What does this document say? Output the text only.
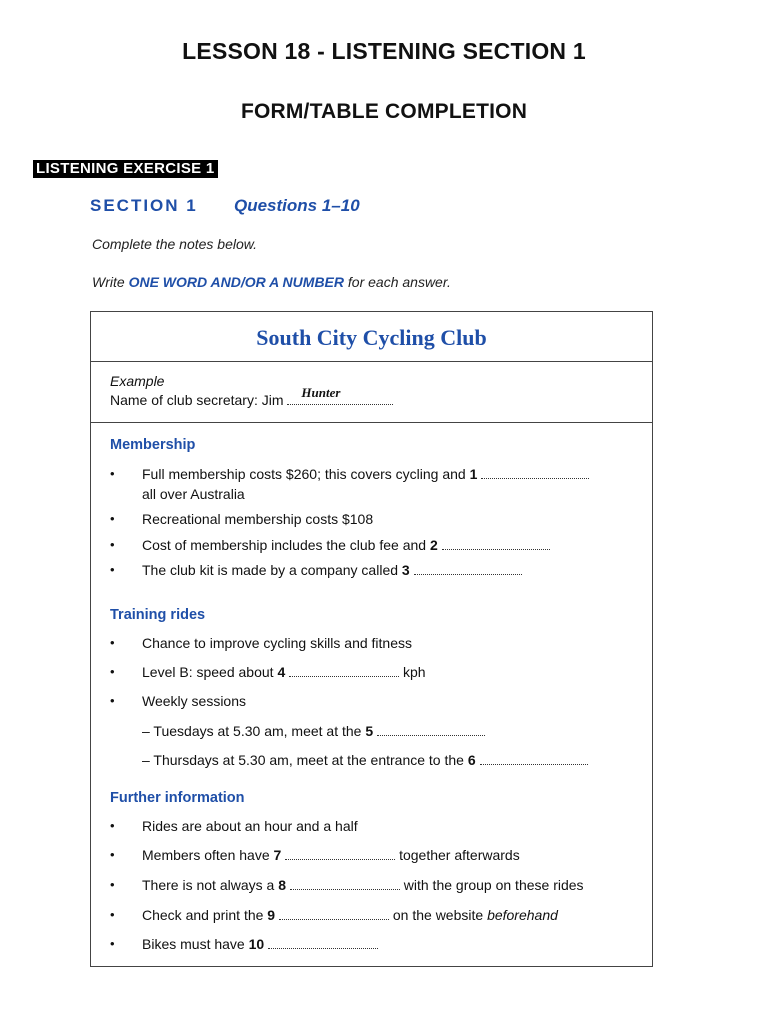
LESSON 18 - LISTENING SECTION 1
FORM/TABLE COMPLETION
LISTENING EXERCISE 1
SECTION 1 Questions 1–10
Complete the notes below.
Write ONE WORD AND/OR A NUMBER for each answer.
South City Cycling Club
Example
Name of club secretary: Jim Hunter
Membership
• Full membership costs $260; this covers cycling and 1
all over Australia
• Recreational membership costs $108
• Cost of membership includes the club fee and 2
• The club kit is made by a company called 3
Training rides
• Chance to improve cycling skills and fitness
• Level B: speed about 4	kph
• Weekly sessions
– Tuesdays at 5.30 am, meet at the 5
– Thursdays at 5.30 am, meet at the entrance to the 6
Further information
• Rides are about an hour and a half
• Members often have 7	together afterwards
• There is not always a 8	with the group on these rides
• Check and print the 9	on the website beforehand
• Bikes must have 10
